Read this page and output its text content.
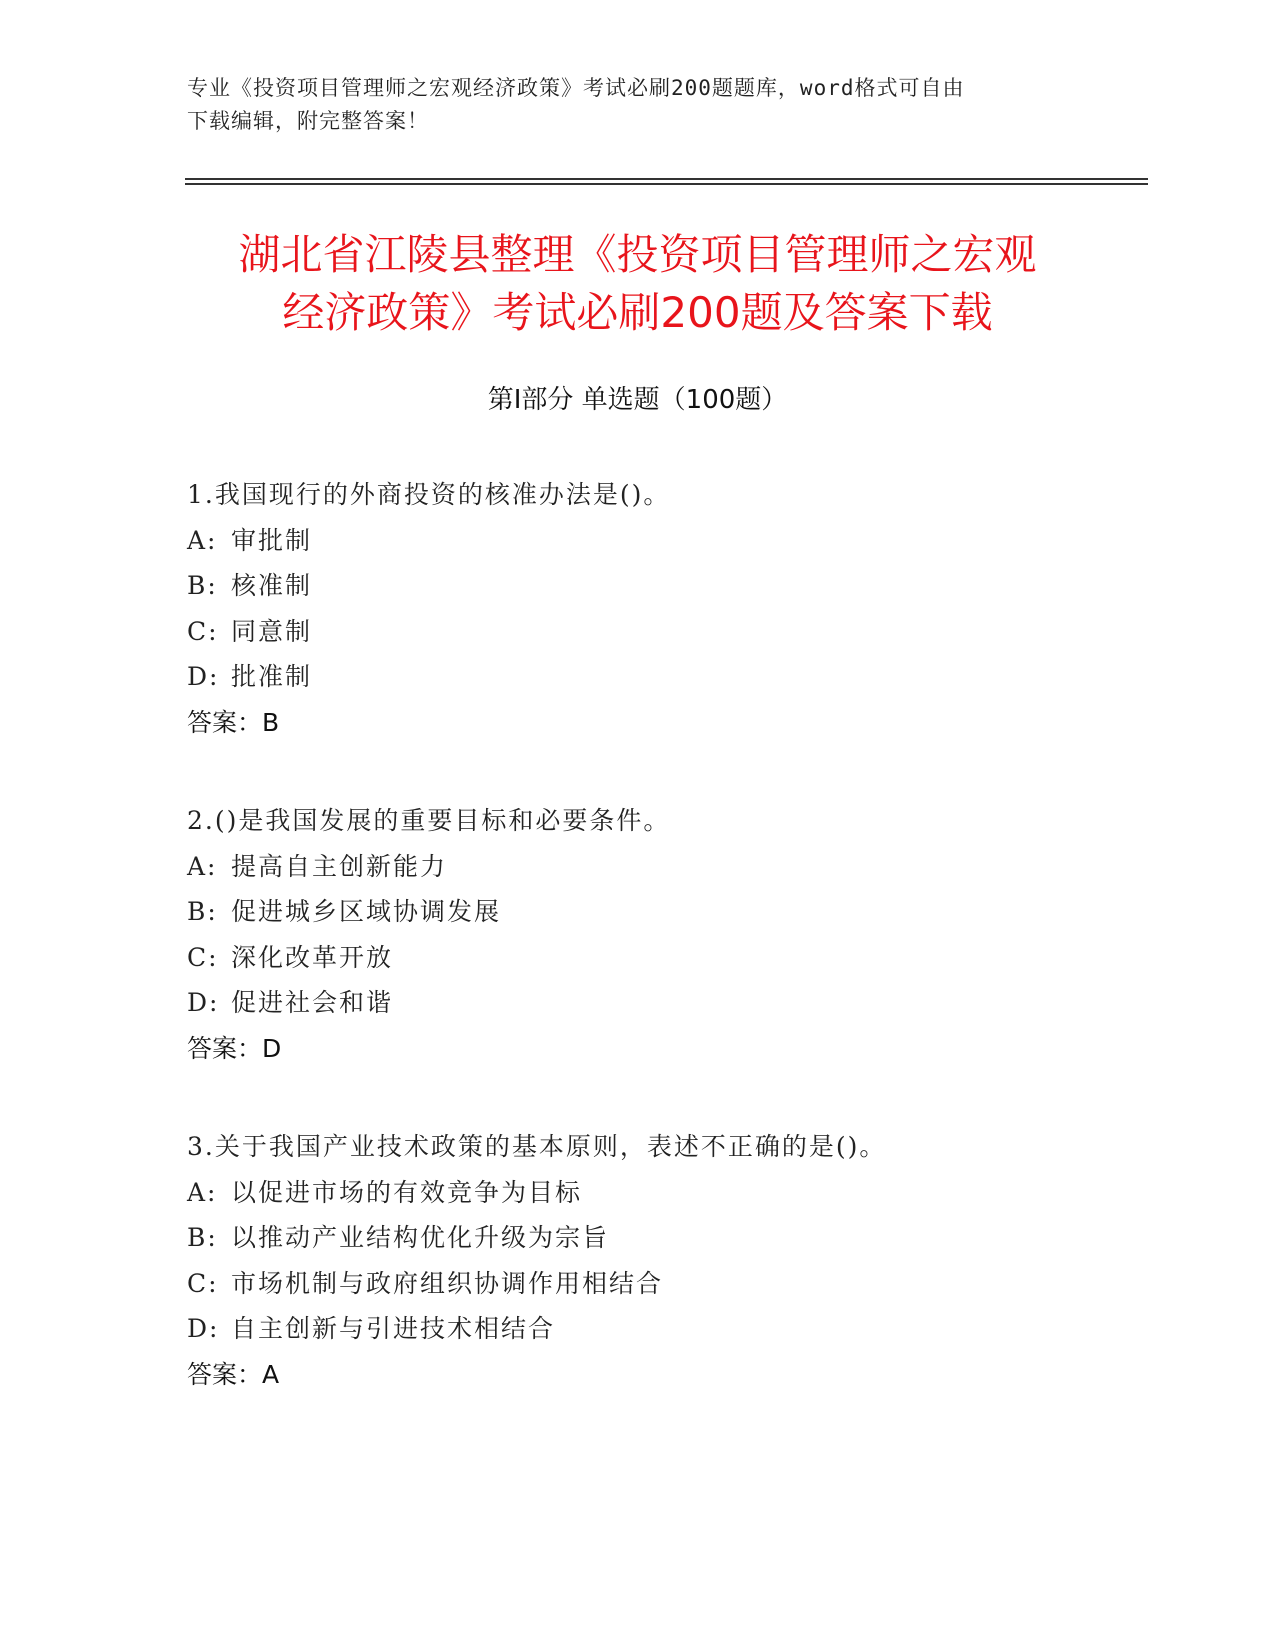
专业《投资项目管理师之宏观经济政策》考试必刷200题题库，word格式可自由
下载编辑，附完整答案！
湖北省江陵县整理《投资项目管理师之宏观
经济政策》考试必刷200题及答案下载
第Ⅰ部分 单选题（100题）
1.我国现行的外商投资的核准办法是()。
A: 审批制
B: 核准制
C: 同意制
D: 批准制
答案：B
2.()是我国发展的重要目标和必要条件。
A: 提高自主创新能力
B: 促进城乡区域协调发展
C: 深化改革开放
D: 促进社会和谐
答案：D
3.关于我国产业技术政策的基本原则，表述不正确的是()。
A: 以促进市场的有效竞争为目标
B: 以推动产业结构优化升级为宗旨
C: 市场机制与政府组织协调作用相结合
D: 自主创新与引进技术相结合
答案：A
